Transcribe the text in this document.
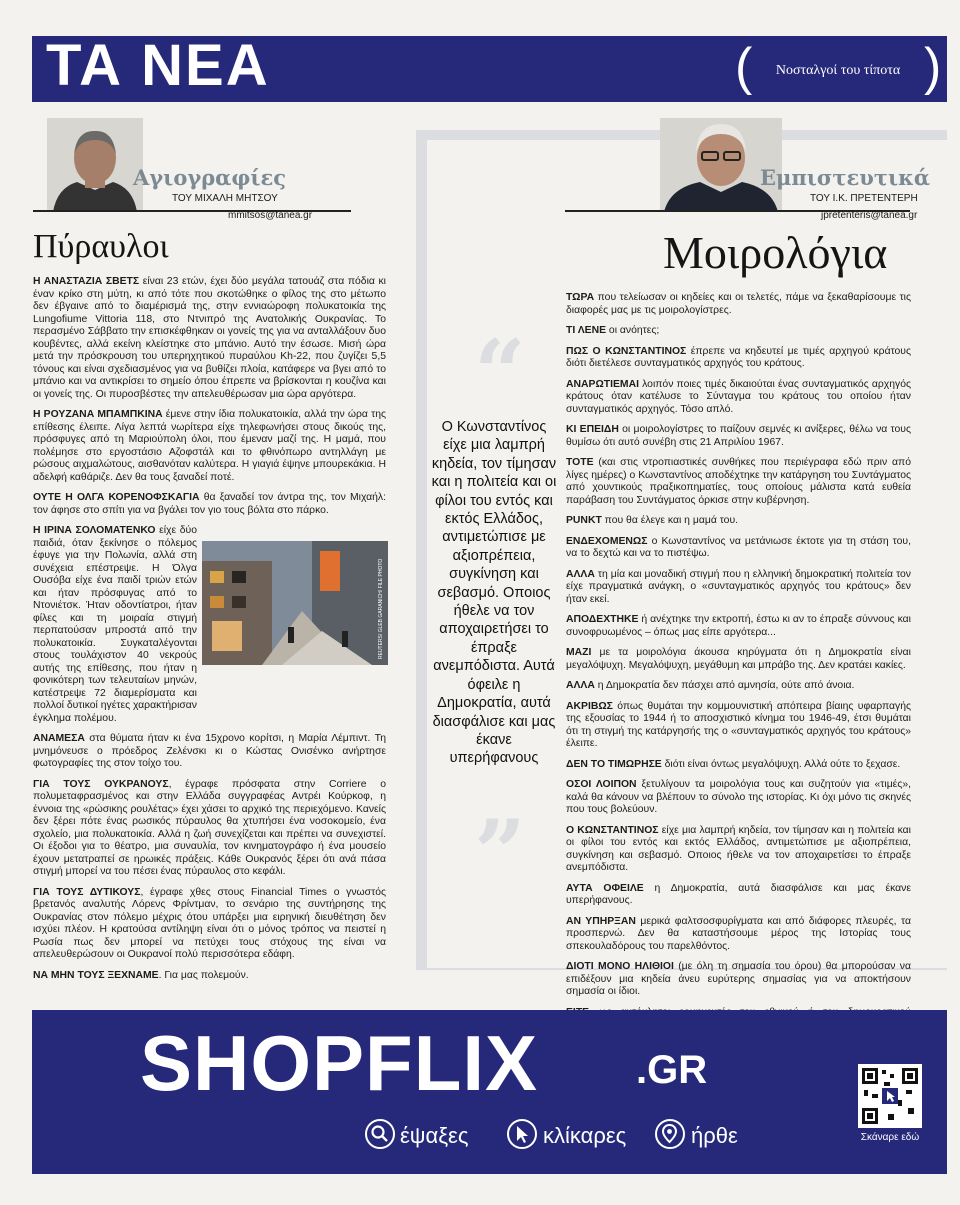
ΤΑ ΝΕΑ	(	Νοσταλγοί του τίποτα )
Αγιογραφίες
ΤΟΥ ΜΙΧΑΛΗ ΜΗΤΣΟΥ
mmitsos@tanea.gr
Πύραυλοι

Η ΑΝΑΣΤΑΖΙΑ ΣΒΕΤΣ είναι 23 ετών, έχει δύο μεγάλα τατουάζ στα πόδια κι έναν κρίκο στη μύτη, κι από τότε που σκοτώθηκε ο φίλος της στο μέτωπο δεν έβγαινε από το διαμέρισμά της, στην εννιαώροφη πολυκατοικία της Lungofiume Vittoria 118, στο Ντνιπρό της Ανατολικής Ουκρανίας. Το περασμένο Σάββατο την επισκέφθηκαν οι γονείς της για να ανταλλάξουν δυο κουβέντες, αλλά εκείνη κλείστηκε στο μπάνιο. Αυτό την έσωσε. Μισή ώρα μετά την πρόσκρουση του υπερηχητικού πυραύλου Kh-22, που ζυγίζει 5,5 τόνους και είναι σχεδιασμένος για να βυθίζει πλοία, κατάφερε να βγει από το μπάνιο και να αντικρίσει το σημείο όπου έπρεπε να βρίσκονται η κουζίνα και οι γονείς της. Οι πυροσβέστες την απελευθέρωσαν μια ώρα αργότερα.

Η ΡΟΥΖΑΝΑ ΜΠΑΜΠΚΙΝΑ έμενε στην ίδια πολυκατοικία, αλλά την ώρα της επίθεσης έλειπε. Λίγα λεπτά νωρίτερα είχε τηλεφωνήσει στους δικούς της, πρόσφυγες από τη Μαριούπολη όλοι, που έμεναν μαζί της. Η μαμά, που πολέμησε στο εργοστάσιο Αζοφστάλ και το φθινόπωρο αντηλλάγη με ρώσους αιχμαλώτους, αισθανόταν καλύτερα. Η γιαγιά έψηνε μπουρεκάκια. Η αδελφή καθάριζε. Δεν θα τους ξαναδεί ποτέ.

ΟΥΤΕ Η ΟΛΓΑ ΚΟΡΕΝΟΦΣΚΑΓΙΑ θα ξαναδεί τον άντρα της, τον Μιχαήλ: τον άφησε στο σπίτι για να βγάλει τον γιο τους βόλτα στο πάρκο.

Η ΙΡΙΝΑ ΣΟΛΟΜΑΤΕΝΚΟ είχε δύο παιδιά, όταν ξεκίνησε ο πόλεμος έφυγε για την Πολωνία, αλλά στη συνέχεια επέστρεψε. Η Όλγα Ουσόβα είχε ένα παιδί τριών ετών και ήταν πρόσφυγας από το Ντονιέτσκ. Ήταν οδοντίατροι, ήταν φίλες και τη μοιραία στιγμή περπατούσαν μπροστά από την πολυκατοικία. Συγκαταλέγονται στους τουλάχιστον 40 νεκρούς αυτής της επίθεσης, που ήταν η φονικότερη των τελευταίων μηνών, κατέστρεψε 72 διαμερίσματα και πολλοί δυτικοί ηγέτες χαρακτήρισαν έγκλημα πολέμου.

ΑΝΑΜΕΣΑ στα θύματα ήταν κι ένα 15χρονο κορίτσι, η Μαρία Λέμπιντ. Τη μνημόνευσε ο πρόεδρος Ζελένσκι κι ο Κώστας Ονισένκο ανήρτησε φωτογραφίες της στον τοίχο του.

ΓΙΑ ΤΟΥΣ ΟΥΚΡΑΝΟΥΣ, έγραφε πρόσφατα στην Corriere ο πολυμεταφρασμένος και στην Ελλάδα συγγραφέας Αντρέι Κούρκοφ, η έννοια της «ρώσικης ρουλέτας» έχει χάσει το αρχικό της περιεχόμενο. Κανείς δεν ξέρει πότε ένας ρωσικός πύραυλος θα χτυπήσει ένα νοσοκομείο, ένα σχολείο, μια πολυκατοικία. Αλλά η ζωή συνεχίζεται και πρέπει να συνεχιστεί. Οι έξοδοι για το θέατρο, μια συναυλία, τον κινηματογράφο ή ένα μουσείο έχουν μετατραπεί σε ηρωικές πράξεις. Κάθε Ουκρανός ξέρει ότι ανά πάσα στιγμή μπορεί να του πέσει ένας πύραυλος στο κεφάλι.

ΓΙΑ ΤΟΥΣ ΔΥΤΙΚΟΥΣ, έγραφε χθες στους Financial Times ο γνωστός βρετανός αναλυτής Λόρενς Φρίντμαν, το σενάριο της συντήρησης της Ουκρανίας στον πόλεμο μέχρις ότου υπάρξει μια ειρηνική διευθέτηση δεν ισχύει πλέον. Η κρατούσα αντίληψη είναι ότι ο μόνος τρόπος να πειστεί η Ρωσία πως δεν μπορεί να πετύχει τους στόχους της είναι να απελευθερώσουν οι Ουκρανοί πολύ περισσότερα εδάφη.

ΝΑ ΜΗΝ ΤΟΥΣ ΞΕΧΝΑΜΕ. Για μας πολεμούν.

REUTERS/ GLEB GARANICH/ FILE PHOTO
Εμπιστευτικά
ΤΟΥ Ι.Κ. ΠΡΕΤΕΝΤΕΡΗ
jpretenteris@tanea.gr
Μοιρολόγια
“
Ο Κωνσταντίνος είχε μια λαμπρή κηδεία, τον τίμησαν και η πολιτεία και οι φίλοι του εντός και εκτός Ελλάδος, αντιμετώπισε με αξιοπρέπεια, συγκίνηση και σεβασμό. Οποιος ήθελε να τον αποχαιρετήσει το έπραξε ανεμπόδιστα. Αυτά όφειλε η Δημοκρατία, αυτά διασφάλισε και μας έκανε υπερήφανους
”

ΤΩΡΑ που τελείωσαν οι κηδείες και οι τελετές, πάμε να ξεκαθαρίσουμε τις διαφορές μας με τις μοιρολογίστρες.

ΤΙ ΛΕΝΕ οι ανόητες;

ΠΩΣ Ο ΚΩΝΣΤΑΝΤΙΝΟΣ έπρεπε να κηδευτεί με τιμές αρχηγού κράτους διότι διετέλεσε συνταγματικός αρχηγός του κράτους.

ΑΝΑΡΩΤΙΕΜΑΙ λοιπόν ποιες τιμές δικαιούται ένας συνταγματικός αρχηγός κράτους όταν κατέλυσε το Σύνταγμα του κράτους του οποίου ήταν συνταγματικός αρχηγός. Τόσο απλό.

ΚΙ ΕΠΕΙΔΗ οι μοιρολογίστρες το παίζουν σεμνές κι ανίξερες, θέλω να τους θυμίσω ότι αυτό συνέβη στις 21 Απριλίου 1967.

ΤΟΤΕ (και στις ντροπιαστικές συνθήκες που περιέγραφα εδώ πριν από λίγες ημέρες) ο Κωνσταντίνος αποδέχτηκε την κατάργηση του Συντάγματος από χουντικούς πραξικοπηματίες, τους οποίους μάλιστα κατά ευθεία παράβαση του Συντάγματος όρκισε στην κυβέρνηση.

PUNKT που θα έλεγε και η μαμά του.

ΕΝΔΕΧΟΜΕΝΩΣ ο Κωνσταντίνος να μετάνιωσε έκτοτε για τη στάση του, να το δεχτώ και να το πιστέψω.

ΑΛΛΑ τη μία και μοναδική στιγμή που η ελληνική δημοκρατική πολιτεία τον είχε πραγματικά ανάγκη, ο «συνταγματικός αρχηγός του κράτους» δεν ήταν εκεί.

ΑΠΟΔΕΧΤΗΚΕ ή ανέχτηκε την εκτροπή, έστω κι αν το έπραξε σύννους και συνοφρυωμένος – όπως μας είπε αργότερα...

ΜΑΖΙ με τα μοιρολόγια άκουσα κηρύγματα ότι η Δημοκρατία είναι μεγαλόψυχη. Μεγαλόψυχη, μεγάθυμη και μπράβο της. Δεν κρατάει κακίες.

ΑΛΛΑ η Δημοκρατία δεν πάσχει από αμνησία, ούτε από άνοια.

ΑΚΡΙΒΩΣ όπως θυμάται την κομμουνιστική απόπειρα βίαιης υφαρπαγής της εξουσίας το 1944 ή το αποσχιστικό κίνημα του 1946-49, έτσι θυμάται ότι τη στιγμή της κατάργησής της ο «συνταγματικός αρχηγός του κράτους» έλειπε.

ΔΕΝ ΤΟ ΤΙΜΩΡΗΣΕ διότι είναι όντως μεγαλόψυχη. Αλλά ούτε το ξεχασε.

ΟΣΟΙ ΛΟΙΠΟΝ ξετυλίγουν τα μοιρολόγια τους και συζητούν για «τιμές», καλά θα κάνουν να βλέπουν το σύνολο της ιστορίας. Κι όχι μόνο τις σκηνές που τους βολεύουν.

Ο ΚΩΝΣΤΑΝΤΙΝΟΣ είχε μια λαμπρή κηδεία, τον τίμησαν και η πολιτεία και οι φίλοι του εντός και εκτός Ελλάδος, αντιμετώπισε με αξιοπρέπεια, συγκίνηση και σεβασμό. Οποιος ήθελε να τον αποχαιρετίσει το έπραξε ανεμπόδιστα.

ΑΥΤΑ ΟΦΕΙΛΕ η Δημοκρατία, αυτά διασφάλισε και μας έκανε υπερήφανους.

ΑΝ ΥΠΗΡΞΑΝ μερικά φαλτσοσφυρίγματα και από διάφορες πλευρές, τα προσπερνώ. Δεν θα καταστήσουμε μέρος της Ιστορίας τους σπεκουλαδόρους του παρελθόντος.

ΔΙΟΤΙ ΜΟΝΟ ΗΛΙΘΙΟΙ (με όλη τη σημασία του όρου) θα μπορούσαν να επιδέξουν μια κηδεία άνευ ευρύτερης σημασίας για να αποκτήσουν σημασία οι ίδιοι.

SHOPFLIX .GR
έψαξες	κλίκαρες	ήρθε	Σκάναρε εδώ
